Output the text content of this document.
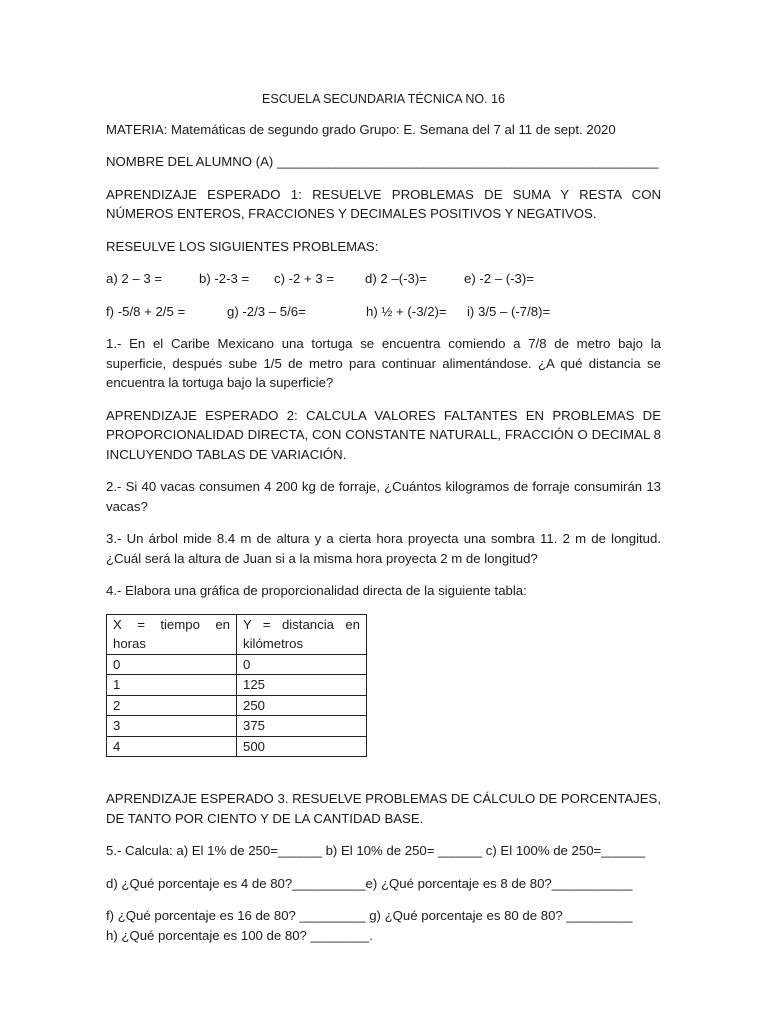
ESCUELA SECUNDARIA TÉCNICA NO. 16

MATERIA: Matemáticas de segundo grado Grupo: E. Semana del 7 al 11 de sept. 2020

NOMBRE DEL ALUMNO (A) ____________________________________________________

APRENDIZAJE ESPERADO 1: RESUELVE PROBLEMAS DE SUMA Y RESTA CON NÚMEROS ENTEROS, FRACCIONES Y DECIMALES POSITIVOS Y NEGATIVOS.

RESEULVE LOS SIGUIENTES PROBLEMAS:

a) 2 – 3 =	b) -2-3 =	c) -2 + 3 =	d) 2 –(-3)=	e) -2 – (-3)=
f) -5/8 + 2/5 =	g) -2/3 – 5/6=	h) ½ + (-3/2)=	i) 3/5 – (-7/8)=

1.- En el Caribe Mexicano una tortuga se encuentra comiendo a 7/8 de metro bajo la superficie, después sube 1/5 de metro para continuar alimentándose. ¿A qué distancia se encuentra la tortuga bajo la superficie?

APRENDIZAJE ESPERADO 2: CALCULA VALORES FALTANTES EN PROBLEMAS DE PROPORCIONALIDAD DIRECTA, CON CONSTANTE NATURALL, FRACCIÓN O DECIMAL 8 INCLUYENDO TABLAS DE VARIACIÓN.

2.- Si 40 vacas consumen 4 200 kg de forraje, ¿Cuántos kilogramos de forraje consumirán 13 vacas?

3.- Un árbol mide 8.4 m de altura y a cierta hora proyecta una sombra 11. 2 m de longitud. ¿Cuál será la altura de Juan si a la misma hora proyecta 2 m de longitud?

4.- Elabora una gráfica de proporcionalidad directa de la siguiente tabla:

X = tiempo en horas	Y = distancia en kilómetros
0	0
1	125
2	250
3	375
4	500

APRENDIZAJE ESPERADO 3. RESUELVE PROBLEMAS DE CÁLCULO DE PORCENTAJES, DE TANTO POR CIENTO Y DE LA CANTIDAD BASE.

5.- Calcula: a) El 1% de 250=______ b) El 10% de 250= ______ c) El 100% de 250=______

d) ¿Qué porcentaje es 4 de 80?__________e) ¿Qué porcentaje es 8 de 80?___________

f) ¿Qué porcentaje es 16 de 80? _________ g) ¿Qué porcentaje es 80 de 80? _________

h) ¿Qué porcentaje es 100 de 80? ________.
